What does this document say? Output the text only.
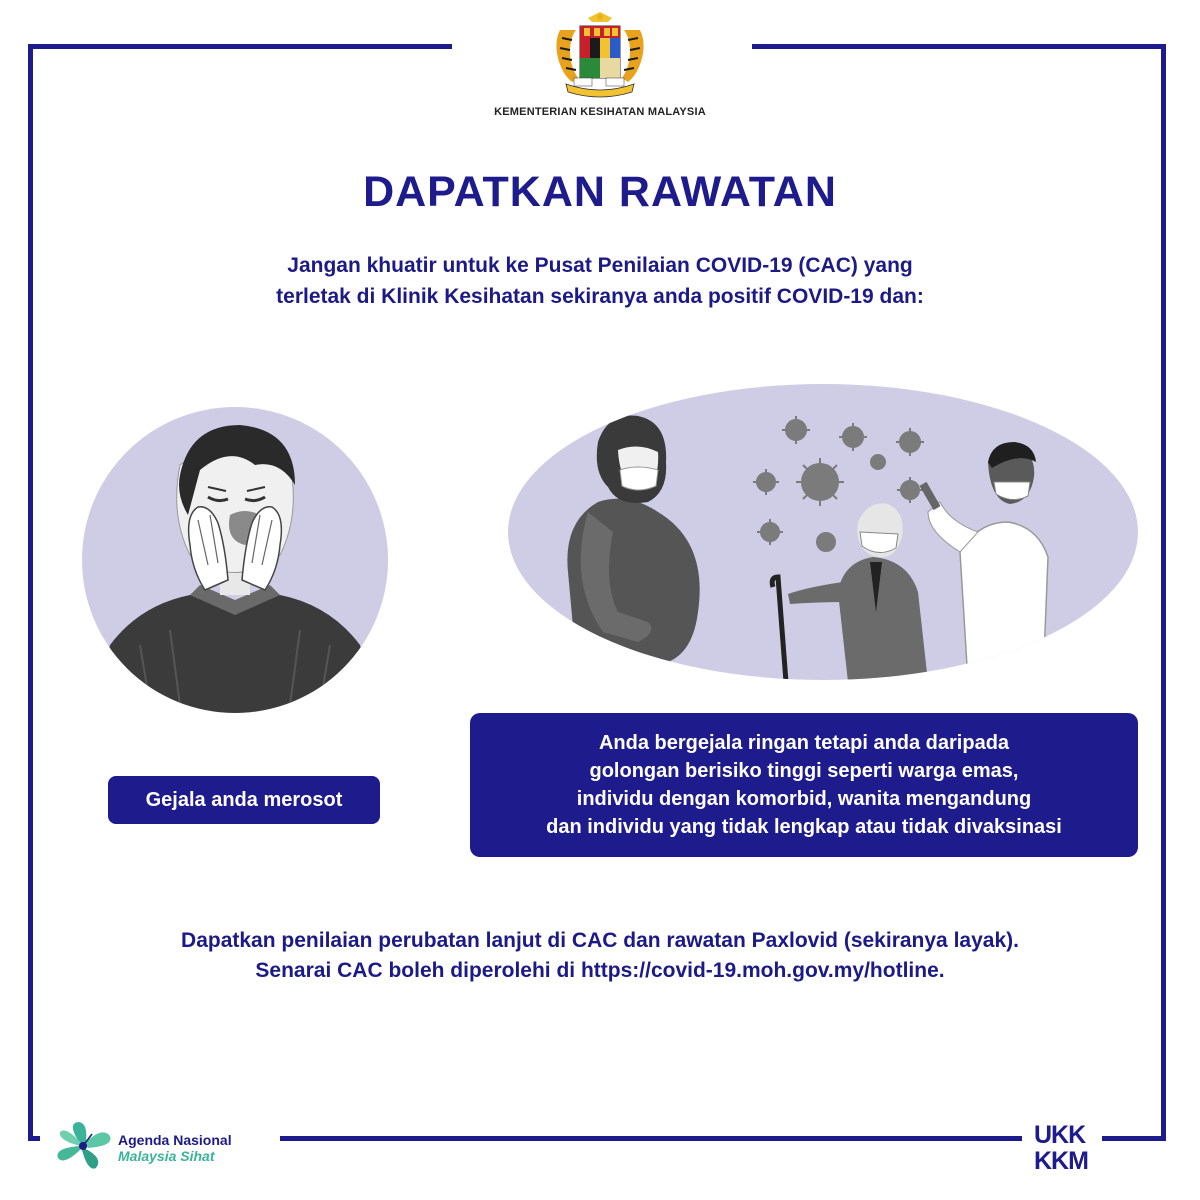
KEMENTERIAN KESIHATAN MALAYSIA
DAPATKAN RAWATAN
Jangan khuatir untuk ke Pusat Penilaian COVID-19 (CAC) yang
terletak di Klinik Kesihatan sekiranya anda positif COVID-19 dan:
Gejala anda merosot
Anda bergejala ringan tetapi anda daripada
golongan berisiko tinggi seperti warga emas,
individu dengan komorbid, wanita mengandung
dan individu yang tidak lengkap atau tidak divaksinasi
Dapatkan penilaian perubatan lanjut di CAC dan rawatan Paxlovid (sekiranya layak).
Senarai CAC boleh diperolehi di https://covid-19.moh.gov.my/hotline.
Agenda Nasional
Malaysia Sihat
UKK
KKM
